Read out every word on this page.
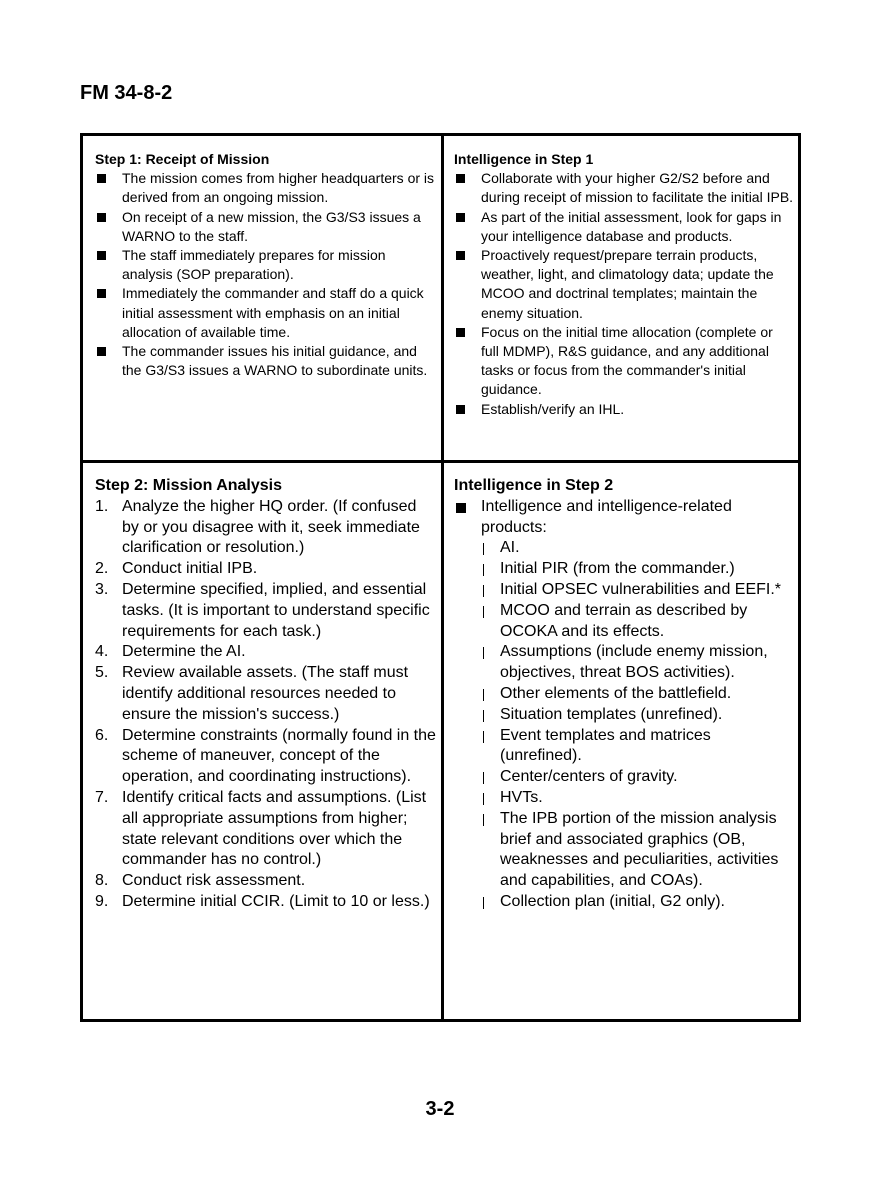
FM 34-8-2

Step 1: Receipt of Mission

The mission comes from higher headquarters or is derived from an ongoing mission.
On receipt of a new mission, the G3/S3 issues a WARNO to the staff.
The staff immediately prepares for mission analysis (SOP preparation).
Immediately the commander and staff do a quick initial assessment with emphasis on an initial allocation of available time.
The commander issues his initial guidance, and the G3/S3 issues a WARNO to subordinate units.

Intelligence in Step 1

Collaborate with your higher G2/S2 before and during receipt of mission to facilitate the initial IPB.
As part of the initial assessment, look for gaps in your intelligence database and products.
Proactively request/prepare terrain products, weather, light, and climatology data; update the MCOO and doctrinal templates; maintain the enemy situation.
Focus on the initial time allocation (complete or full MDMP), R&S guidance, and any additional tasks or focus from the commander's initial guidance.
Establish/verify an IHL.

Step 2: Mission Analysis

1. Analyze the higher HQ order. (If confused by or you disagree with it, seek immediate clarification or resolution.)
2. Conduct initial IPB.
3. Determine specified, implied, and essential tasks. (It is important to understand specific requirements for each task.)
4. Determine the AI.
5. Review available assets. (The staff must identify additional resources needed to ensure the mission's success.)
6. Determine constraints (normally found in the scheme of maneuver, concept of the operation, and coordinating instructions).
7. Identify critical facts and assumptions. (List all appropriate assumptions from higher; state relevant conditions over which the commander has no control.)
8. Conduct risk assessment.
9. Determine initial CCIR. (Limit to 10 or less.)

Intelligence in Step 2

Intelligence and intelligence-related products:
AI.
Initial PIR (from the commander.)
Initial OPSEC vulnerabilities and EEFI.*
MCOO and terrain as described by OCOKA and its effects.
Assumptions (include enemy mission, objectives, threat BOS activities).
Other elements of the battlefield.
Situation templates (unrefined).
Event templates and matrices (unrefined).
Center/centers of gravity.
HVTs.
The IPB portion of the mission analysis brief and associated graphics (OB, weaknesses and peculiarities, activities and capabilities, and COAs).
Collection plan (initial, G2 only).
3-2
